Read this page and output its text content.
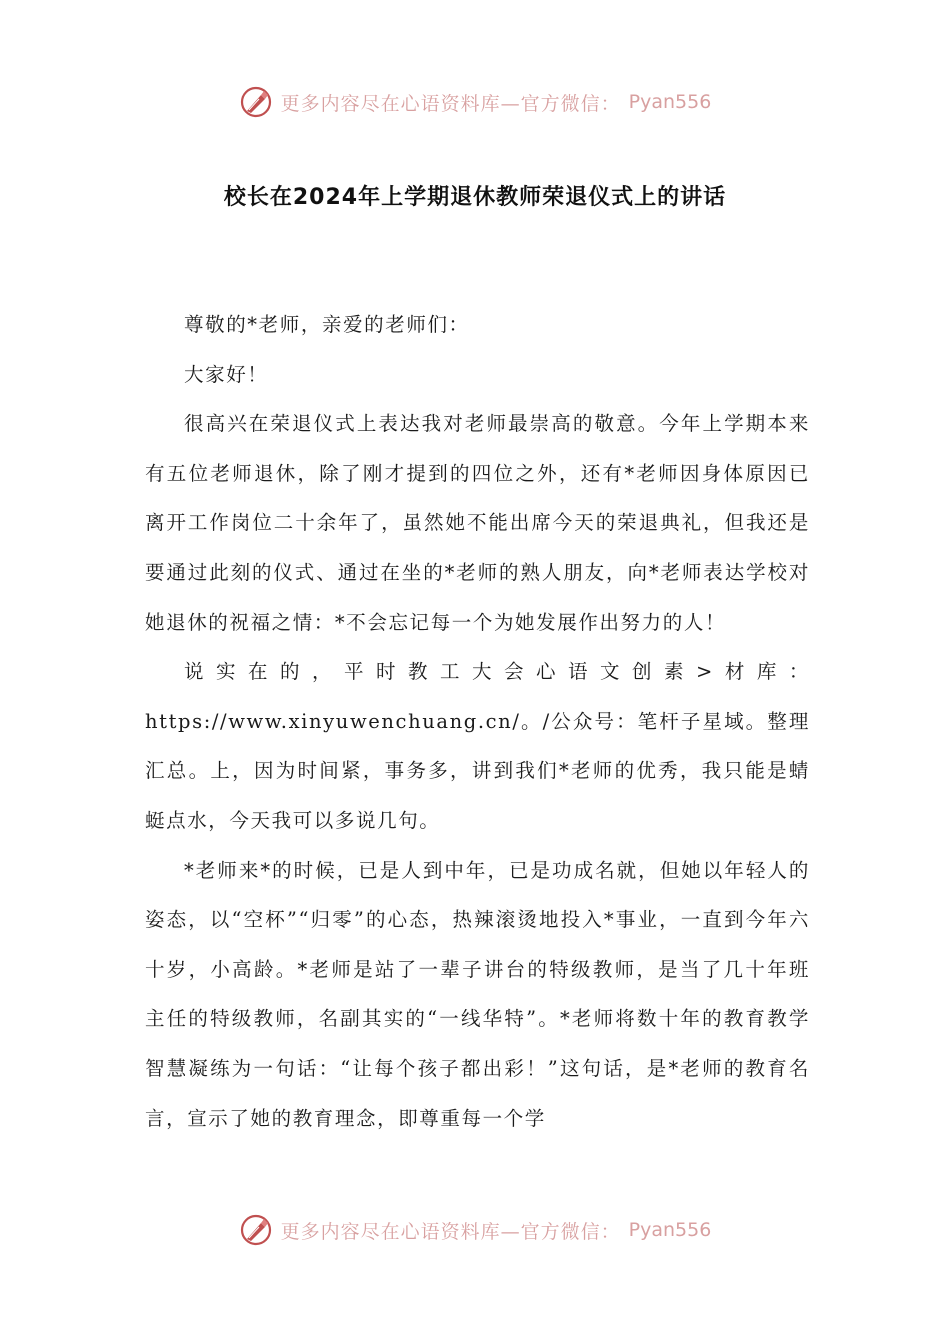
更多内容尽在心语资料库—官方微信： Pyan556
校长在2024年上学期退休教师荣退仪式上的讲话

尊敬的*老师，亲爱的老师们：

大家好！

很高兴在荣退仪式上表达我对老师最崇高的敬意。今年上学期本来有五位老师退休，除了刚才提到的四位之外，还有*老师因身体原因已离开工作岗位二十余年了，虽然她不能出席今天的荣退典礼，但我还是要通过此刻的仪式、通过在坐的*老师的熟人朋友，向*老师表达学校对她退休的祝福之情：*不会忘记每一个为她发展作出努力的人！

说实在的，平时教工大会心语文创素>材库：https://www.xinyuwenchuang.cn/。/公众号：笔杆子星域。整理汇总。上，因为时间紧，事务多，讲到我们*老师的优秀，我只能是蜻蜓点水，今天我可以多说几句。

*老师来*的时候，已是人到中年，已是功成名就，但她以年轻人的姿态，以“空杯”“归零”的心态，热辣滚烫地投入*事业，一直到今年六十岁，小高龄。*老师是站了一辈子讲台的特级教师，是当了几十年班主任的特级教师，名副其实的“一线华特”。*老师将数十年的教育教学智慧凝练为一句话：“让每个孩子都出彩！”这句话，是*老师的教育名言，宣示了她的教育理念，即尊重每一个学

更多内容尽在心语资料库—官方微信： Pyan556
